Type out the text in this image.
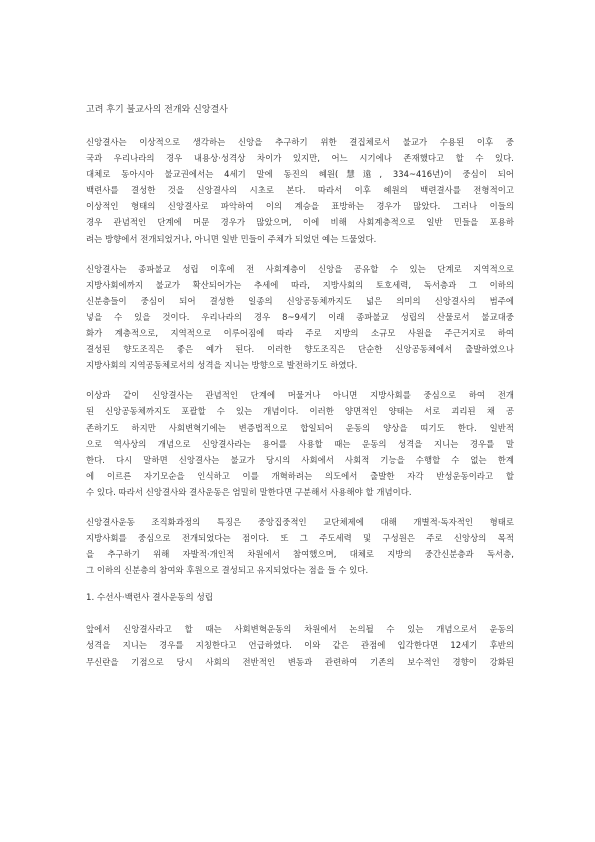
고려 후기 불교사의 전개와 신앙결사
신앙결사는 이상적으로 생각하는 신앙을 추구하기 위한 결집체로서 불교가 수용된 이후 중
국과 우리나라의 경우 내용상·성격상 차이가 있지만, 어느 시기에나 존재했다고 할 수 있다.
대체로 동아시아 불교권에서는 4세기 말에 동진의 혜원(慧遠, 334~416년)이 중심이 되어
백련사를 결성한 것을 신앙결사의 시초로 본다. 따라서 이후 혜원의 백련결사를 전형적이고
이상적인 형태의 신앙결사로 파악하여 이의 계승을 표방하는 경우가 많았다. 그러나 이들의
경우 관념적인 단계에 머문 경우가 많았으며, 이에 비해 사회계층적으로 일반 민들을 포용하
려는 방향에서 전개되었거나, 아니면 일반 민들이 주체가 되었던 예는 드물었다.
신앙결사는 종파불교 성립 이후에 전 사회계층이 신앙을 공유할 수 있는 단계로 지역적으로
지방사회에까지 불교가 확산되어가는 추세에 따라, 지방사회의 토호세력, 독서층과 그 이하의
신분층들이 중심이 되어 결성한 일종의 신앙공동체까지도 넓은 의미의 신앙결사의 범주에
넣을 수 있을 것이다. 우리나라의 경우 8~9세기 이래 종파불교 성립의 산물로서 불교대중
화가 계층적으로, 지역적으로 이루어짐에 따라 주로 지방의 소규모 사원을 주근거지로 하여
결성된 향도조직은 좋은 예가 된다. 이러한 향도조직은 단순한 신앙공동체에서 출발하였으나
지방사회의 지역공동체로서의 성격을 지니는 방향으로 발전하기도 하였다.
이상과 같이 신앙결사는 관념적인 단계에 머물거나 아니면 지방사회를 중심으로 하여 전개
된 신앙공동체까지도 포괄할 수 있는 개념이다. 이러한 양면적인 양태는 서로 괴리된 채 공
존하기도 하지만 사회변혁기에는 변증법적으로 합일되어 운동의 양상을 띠기도 한다. 일반적
으로 역사상의 개념으로 신앙결사라는 용어를 사용할 때는 운동의 성격을 지니는 경우를 말
한다. 다시 말하면 신앙결사는 불교가 당시의 사회에서 사회적 기능을 수행할 수 없는 한계
에 이르른 자기모순을 인식하고 이를 개혁하려는 의도에서 출발한 자각 반성운동이라고 할
수 있다. 따라서 신앙결사와 결사운동은 엄밀히 말한다면 구분해서 사용해야 할 개념이다.
신앙결사운동 조직화과정의 특징은 중앙집중적인 교단체제에 대해 개별적·독자적인 형태로
지방사회를 중심으로 전개되었다는 점이다. 또 그 주도세력 및 구성원은 주로 신앙상의 목적
을 추구하기 위해 자발적·개인적 차원에서 참여했으며, 대체로 지방의 중간신분층과 독서층,
그 이하의 신분층의 참여와 후원으로 결성되고 유지되었다는 점을 들 수 있다.
1. 수선사·백련사 결사운동의 성립
앞에서 신앙결사라고 할 때는 사회변혁운동의 차원에서 논의될 수 있는 개념으로서 운동의
성격을 지니는 경우를 지칭한다고 언급하였다. 이와 같은 관점에 입각한다면 12세기 후반의
무신란을 기점으로 당시 사회의 전반적인 변동과 관련하여 기존의 보수적인 경향이 강화된
